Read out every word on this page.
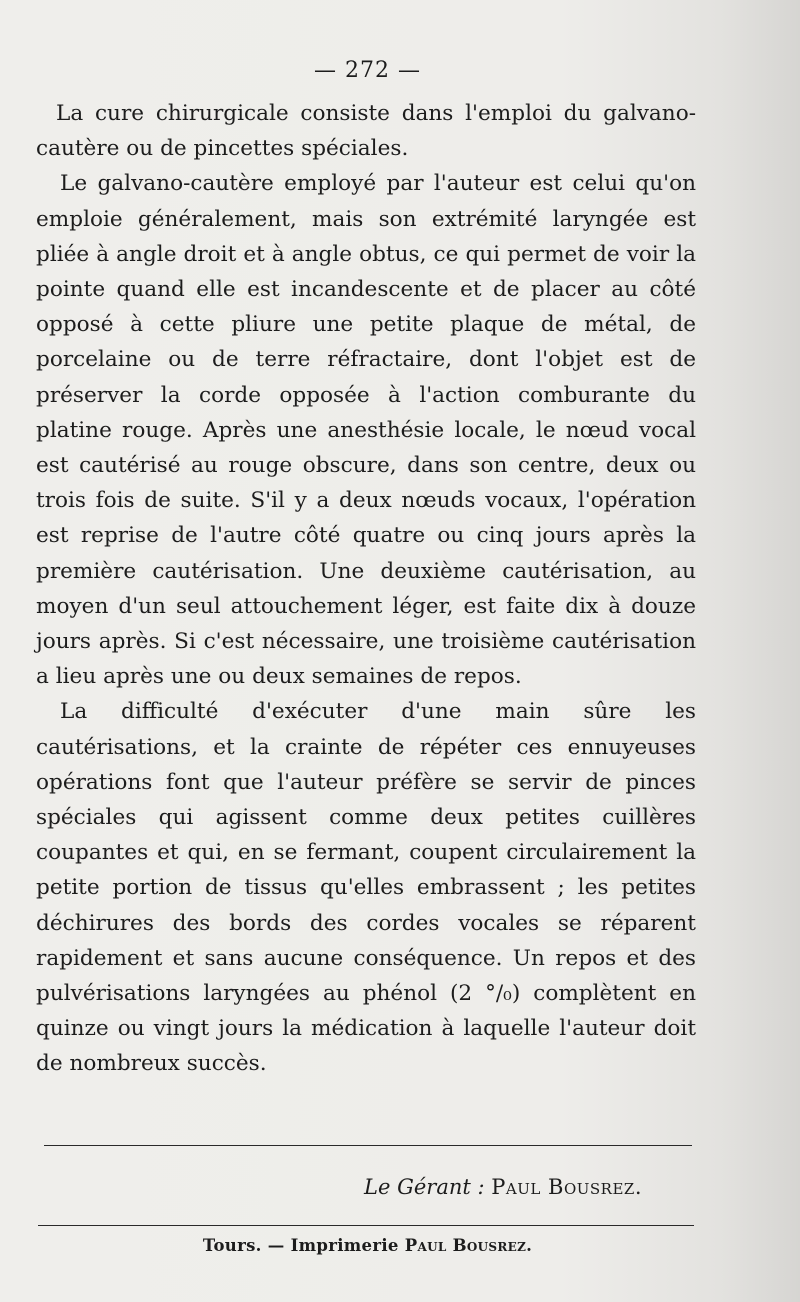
— 272 —

La cure chirurgicale consiste dans l'emploi du galvano-cautère ou de pincettes spéciales.

Le galvano-cautère employé par l'auteur est celui qu'on emploie généralement, mais son extrémité laryngée est pliée à angle droit et à angle obtus, ce qui permet de voir la pointe quand elle est incandescente et de placer au côté opposé à cette pliure une petite plaque de métal, de porcelaine ou de terre réfractaire, dont l'objet est de préserver la corde opposée à l'action comburante du platine rouge. Après une anesthésie locale, le nœud vocal est cautérisé au rouge obscure, dans son centre, deux ou trois fois de suite. S'il y a deux nœuds vocaux, l'opération est reprise de l'autre côté quatre ou cinq jours après la première cautérisation. Une deuxième cautérisation, au moyen d'un seul attouchement léger, est faite dix à douze jours après. Si c'est nécessaire, une troisième cautérisation a lieu après une ou deux semaines de repos.

La difficulté d'exécuter d'une main sûre les cautérisations, et la crainte de répéter ces ennuyeuses opérations font que l'auteur préfère se servir de pinces spéciales qui agissent comme deux petites cuillères coupantes et qui, en se fermant, coupent circulairement la petite portion de tissus qu'elles embrassent ; les petites déchirures des bords des cordes vocales se réparent rapidement et sans aucune conséquence. Un repos et des pulvérisations laryngées au phénol (2 °/₀) complètent en quinze ou vingt jours la médication à laquelle l'auteur doit de nombreux succès.

Le Gérant : Paul Bousrez.
Tours. — Imprimerie Paul Bousrez.
